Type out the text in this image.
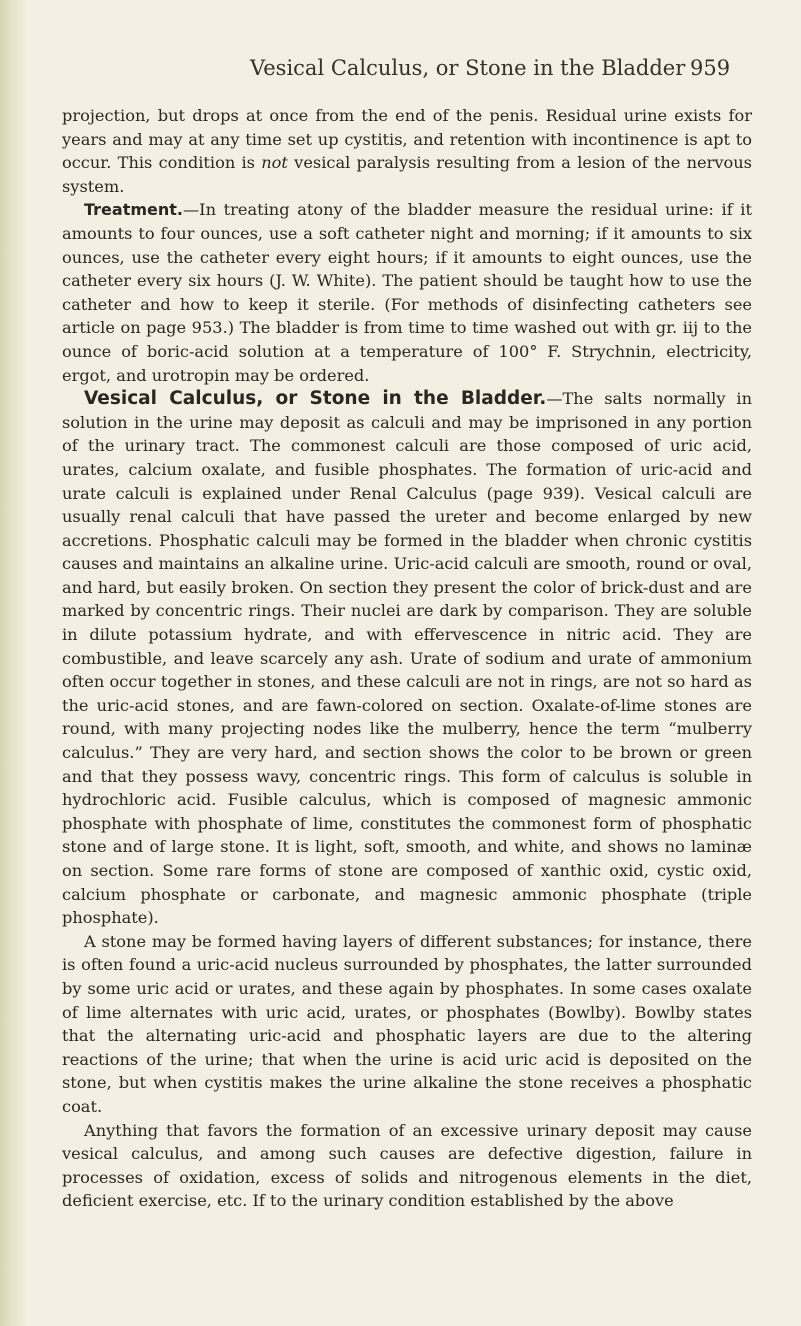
Vesical Calculus, or Stone in the Bladder 959

projection, but drops at once from the end of the penis. Residual urine exists for years and may at any time set up cystitis, and retention with incontinence is apt to occur. This condition is not vesical paralysis resulting from a lesion of the nervous system.

Treatment.—In treating atony of the bladder measure the residual urine: if it amounts to four ounces, use a soft catheter night and morning; if it amounts to six ounces, use the catheter every eight hours; if it amounts to eight ounces, use the catheter every six hours (J. W. White). The patient should be taught how to use the catheter and how to keep it sterile. (For methods of disinfecting catheters see article on page 953.) The bladder is from time to time washed out with gr. iij to the ounce of boric-acid solution at a temperature of 100° F. Strychnin, electricity, ergot, and urotropin may be ordered.

Vesical Calculus, or Stone in the Bladder.—The salts normally in solution in the urine may deposit as calculi and may be imprisoned in any portion of the urinary tract. The commonest calculi are those composed of uric acid, urates, calcium oxalate, and fusible phosphates. The formation of uric-acid and urate calculi is explained under Renal Calculus (page 939). Vesical calculi are usually renal calculi that have passed the ureter and become enlarged by new accretions. Phosphatic calculi may be formed in the bladder when chronic cystitis causes and maintains an alkaline urine. Uric-acid calculi are smooth, round or oval, and hard, but easily broken. On section they present the color of brick-dust and are marked by concentric rings. Their nuclei are dark by comparison. They are soluble in dilute potassium hydrate, and with effervescence in nitric acid. They are combustible, and leave scarcely any ash. Urate of sodium and urate of ammonium often occur together in stones, and these calculi are not in rings, are not so hard as the uric-acid stones, and are fawn-colored on section. Oxalate-of-lime stones are round, with many projecting nodes like the mulberry, hence the term “mulberry calculus.” They are very hard, and section shows the color to be brown or green and that they possess wavy, concentric rings. This form of calculus is soluble in hydrochloric acid. Fusible calculus, which is composed of magnesic ammonic phosphate with phosphate of lime, constitutes the commonest form of phosphatic stone and of large stone. It is light, soft, smooth, and white, and shows no laminæ on section. Some rare forms of stone are composed of xanthic oxid, cystic oxid, calcium phosphate or carbonate, and magnesic ammonic phosphate (triple phosphate).

A stone may be formed having layers of different substances; for instance, there is often found a uric-acid nucleus surrounded by phosphates, the latter surrounded by some uric acid or urates, and these again by phosphates. In some cases oxalate of lime alternates with uric acid, urates, or phosphates (Bowlby). Bowlby states that the alternating uric-acid and phosphatic layers are due to the altering reactions of the urine; that when the urine is acid uric acid is deposited on the stone, but when cystitis makes the urine alkaline the stone receives a phosphatic coat.

Anything that favors the formation of an excessive urinary deposit may cause vesical calculus, and among such causes are defective digestion, failure in processes of oxidation, excess of solids and nitrogenous elements in the diet, deficient exercise, etc. If to the urinary condition established by the above
